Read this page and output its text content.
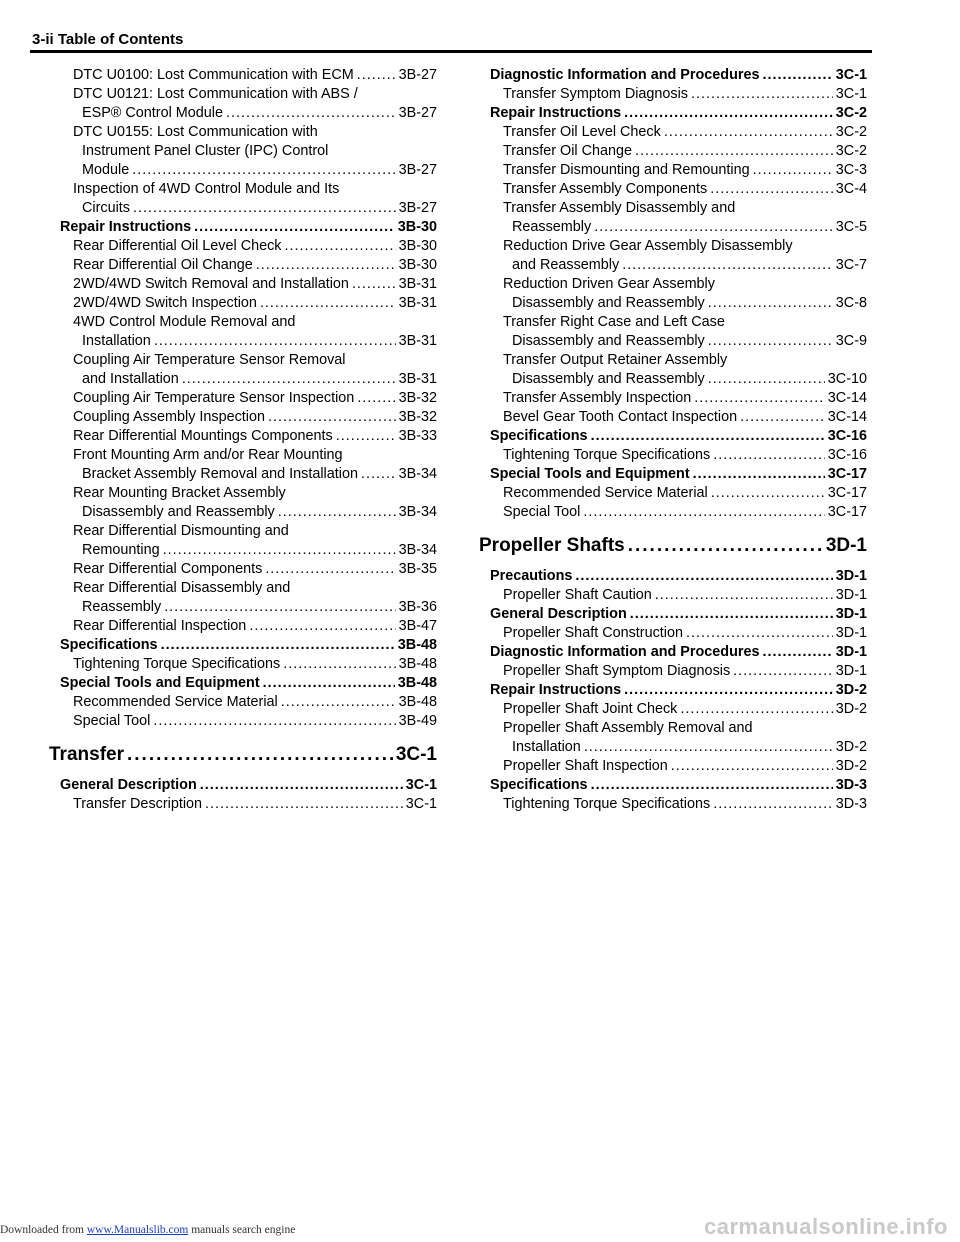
3-ii Table of Contents
DTC U0100: Lost Communication with ECM .....	3B-27
DTC U0121: Lost Communication with ABS /
ESP® Control Module .....	3B-27
DTC U0155: Lost Communication with
Instrument Panel Cluster (IPC) Control
Module .....	3B-27
Inspection of 4WD Control Module and Its
Circuits .....	3B-27
Repair Instructions .....	3B-30
Rear Differential Oil Level Check .....	3B-30
Rear Differential Oil Change .....	3B-30
2WD/4WD Switch Removal and Installation .....	3B-31
2WD/4WD Switch Inspection .....	3B-31
4WD Control Module Removal and
Installation .....	3B-31
Coupling Air Temperature Sensor Removal
and Installation .....	3B-31
Coupling Air Temperature Sensor Inspection .....	3B-32
Coupling Assembly Inspection .....	3B-32
Rear Differential Mountings Components .....	3B-33
Front Mounting Arm and/or Rear Mounting
Bracket Assembly Removal and Installation .....	3B-34
Rear Mounting Bracket Assembly
Disassembly and Reassembly .....	3B-34
Rear Differential Dismounting and
Remounting .....	3B-34
Rear Differential Components .....	3B-35
Rear Differential Disassembly and
Reassembly .....	3B-36
Rear Differential Inspection .....	3B-47
Specifications .....	3B-48
Tightening Torque Specifications .....	3B-48
Special Tools and Equipment .....	3B-48
Recommended Service Material .....	3B-48
Special Tool .....	3B-49
Transfer .....	3C-1
General Description .....	3C-1
Transfer Description .....	3C-1
Diagnostic Information and Procedures .....	3C-1
Transfer Symptom Diagnosis .....	3C-1
Repair Instructions .....	3C-2
Transfer Oil Level Check .....	3C-2
Transfer Oil Change .....	3C-2
Transfer Dismounting and Remounting .....	3C-3
Transfer Assembly Components .....	3C-4
Transfer Assembly Disassembly and
Reassembly .....	3C-5
Reduction Drive Gear Assembly Disassembly
and Reassembly .....	3C-7
Reduction Driven Gear Assembly
Disassembly and Reassembly .....	3C-8
Transfer Right Case and Left Case
Disassembly and Reassembly .....	3C-9
Transfer Output Retainer Assembly
Disassembly and Reassembly .....	3C-10
Transfer Assembly Inspection .....	3C-14
Bevel Gear Tooth Contact Inspection .....	3C-14
Specifications .....	3C-16
Tightening Torque Specifications .....	3C-16
Special Tools and Equipment .....	3C-17
Recommended Service Material .....	3C-17
Special Tool .....	3C-17
Propeller Shafts .....	3D-1
Precautions .....	3D-1
Propeller Shaft Caution .....	3D-1
General Description .....	3D-1
Propeller Shaft Construction .....	3D-1
Diagnostic Information and Procedures .....	3D-1
Propeller Shaft Symptom Diagnosis .....	3D-1
Repair Instructions .....	3D-2
Propeller Shaft Joint Check .....	3D-2
Propeller Shaft Assembly Removal and
Installation .....	3D-2
Propeller Shaft Inspection .....	3D-2
Specifications .....	3D-3
Tightening Torque Specifications .....	3D-3
Downloaded from www.Manualslib.com manuals search engine	carmanualsonline.info
